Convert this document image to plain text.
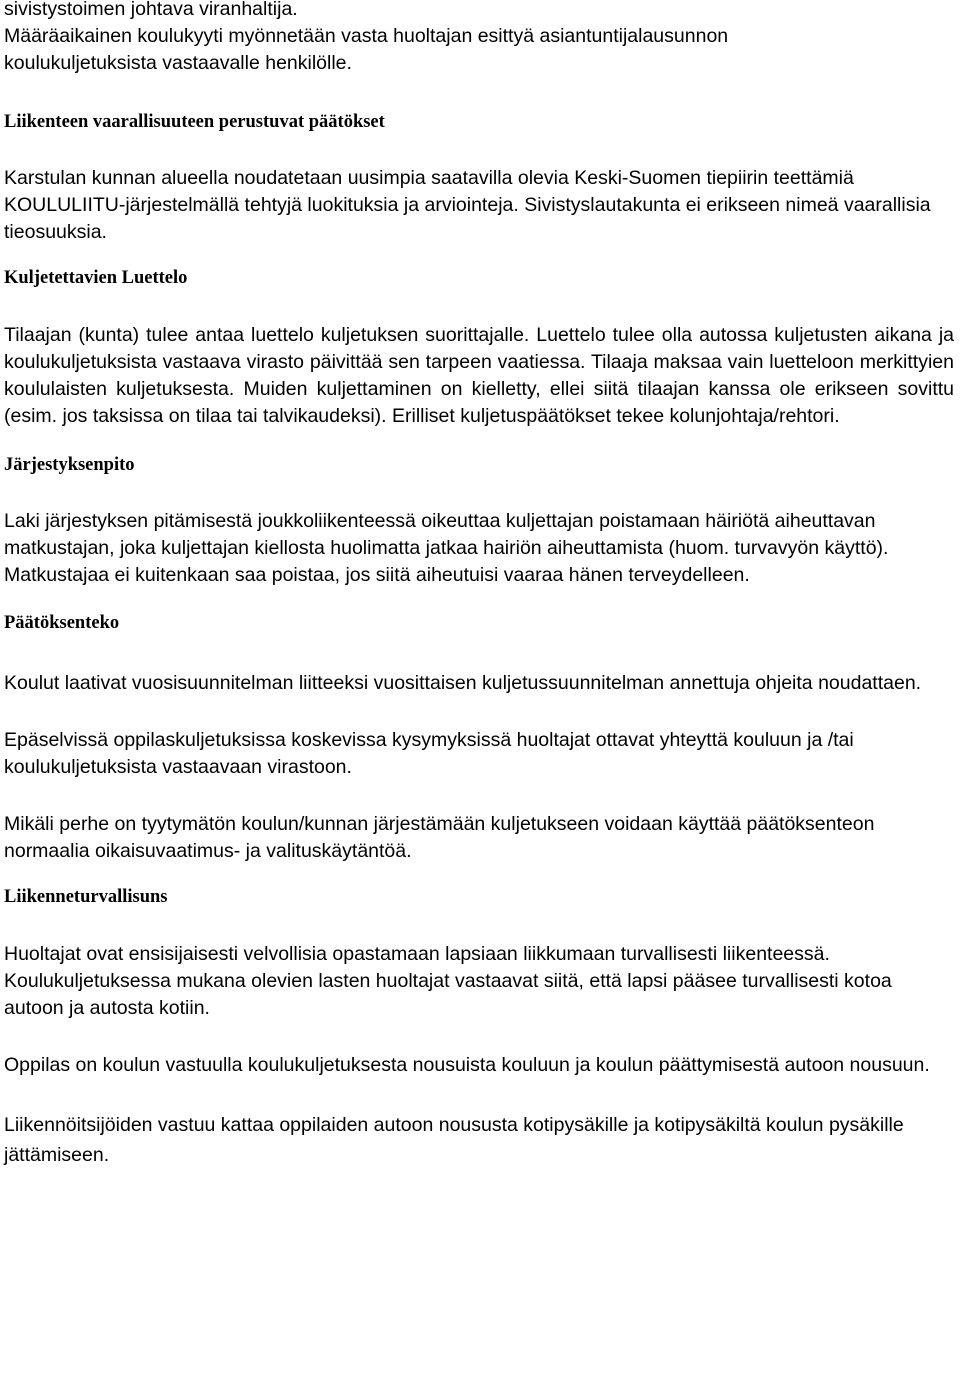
sivistystoimen johtava viranhaltija.

Määräaikainen koulukyyti myönnetään vasta huoltajan esittyä asiantuntijalausunnon

koulukuljetuksista vastaavalle henkilölle.

Liikenteen vaarallisuuteen perustuvat päätökset

Karstulan kunnan alueella noudatetaan uusimpia saatavilla olevia Keski-Suomen tiepiirin teettämiä KOULULIITU-järjestelmällä tehtyjä luokituksia ja arviointeja. Sivistyslautakunta ei erikseen nimeä vaarallisia tieosuuksia.

Kuljetettavien Luettelo

Tilaajan (kunta) tulee antaa luettelo kuljetuksen suorittajalle. Luettelo tulee olla autossa kuljetusten aikana ja koulukuljetuksista vastaava virasto päivittää sen tarpeen vaatiessa. Tilaaja maksaa vain luetteloon merkittyien koululaisten kuljetuksesta. Muiden kuljettaminen on kielletty, ellei siitä tilaajan kanssa ole erikseen sovittu (esim. jos taksissa on tilaa tai talvikaudeksi). Erilliset kuljetuspäätökset tekee kolunjohtaja/rehtori.

Järjestyksenpito

Laki järjestyksen pitämisestä joukkoliikenteessä oikeuttaa kuljettajan poistamaan häiriötä aiheuttavan matkustajan, joka kuljettajan kiellosta huolimatta jatkaa hairiön aiheuttamista (huom. turvavyön käyttö). Matkustajaa ei kuitenkaan saa poistaa, jos siitä aiheutuisi vaaraa hänen terveydelleen.

Päätöksenteko

Koulut laativat vuosisuunnitelman liitteeksi vuosittaisen kuljetussuunnitelman annettuja ohjeita noudattaen.

Epäselvissä oppilaskuljetuksissa koskevissa kysymyksissä huoltajat ottavat yhteyttä kouluun ja /tai koulukuljetuksista vastaavaan virastoon.

Mikäli perhe on tyytymätön koulun/kunnan järjestämään kuljetukseen voidaan käyttää päätöksenteon normaalia oikaisuvaatimus- ja valituskäytäntöä.

Liikenneturvallisuns

Huoltajat ovat ensisijaisesti velvollisia opastamaan lapsiaan liikkumaan turvallisesti liikenteessä. Koulukuljetuksessa mukana olevien lasten huoltajat vastaavat siitä, että lapsi pääsee turvallisesti kotoa autoon ja autosta kotiin.

Oppilas on koulun vastuulla koulukuljetuksesta nousuista kouluun ja koulun päättymisestä autoon nousuun.

Liikennöitsijöiden vastuu kattaa oppilaiden autoon noususta kotipysäkille ja kotipysäkiltä koulun pysäkille jättämiseen.
